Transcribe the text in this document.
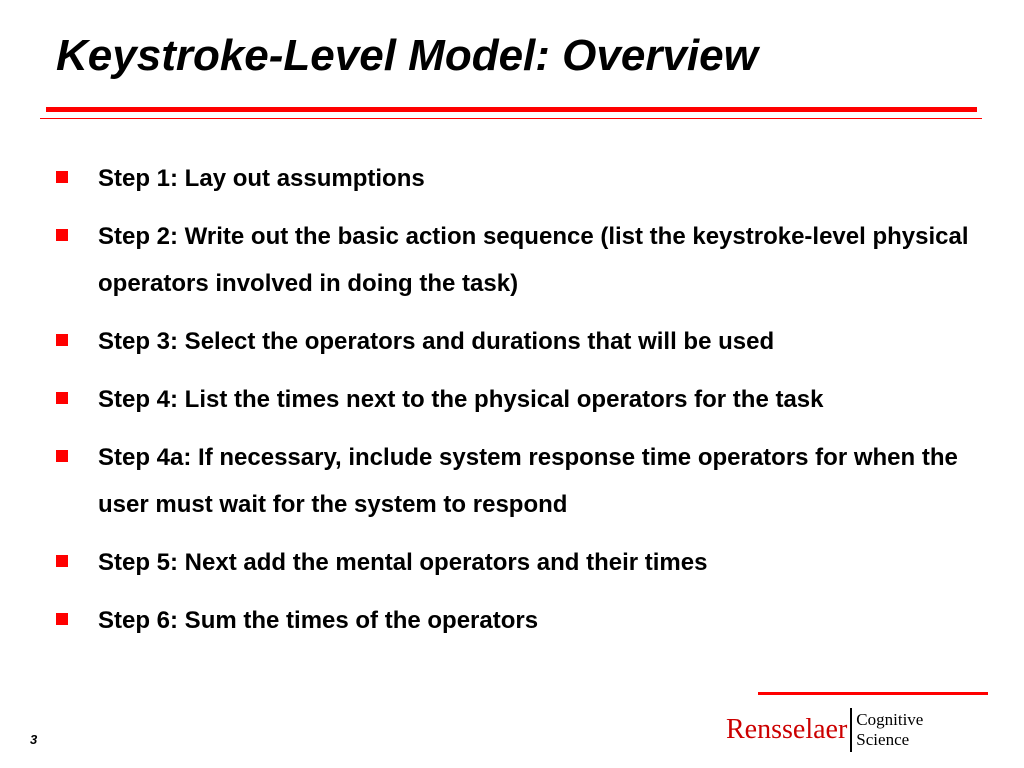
Keystroke-Level Model: Overview
Step 1: Lay out assumptions
Step 2: Write out the basic action sequence (list the keystroke-level physical operators involved in doing the task)
Step 3: Select the operators and durations that will be used
Step 4: List the times next to the physical operators for the task
Step 4a: If necessary, include system response time operators for when the user must wait for the system to respond
Step 5: Next add the mental operators and their times
Step 6: Sum the times of the operators
Rensselaer Cognitive
Science
3
